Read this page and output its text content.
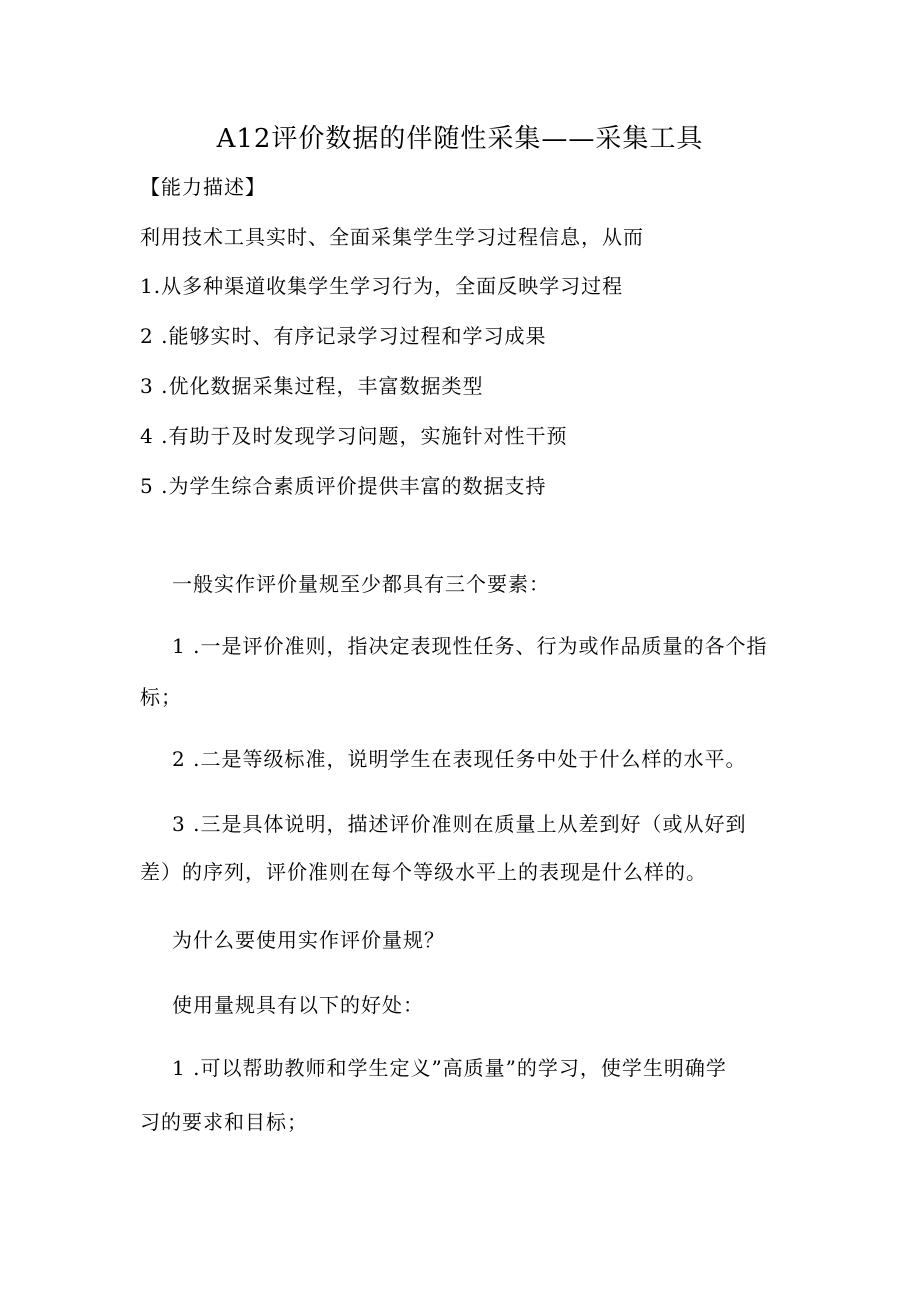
A12评价数据的伴随性采集——采集工具
【能力描述】
利用技术工具实时、全面采集学生学习过程信息，从而
1.从多种渠道收集学生学习行为，全面反映学习过程
2 .能够实时、有序记录学习过程和学习成果
3 .优化数据采集过程，丰富数据类型
4 .有助于及时发现学习问题，实施针对性干预
5 .为学生综合素质评价提供丰富的数据支持
一般实作评价量规至少都具有三个要素：
1 .一是评价准则，指决定表现性任务、行为或作品质量的各个指
标；
2 .二是等级标准，说明学生在表现任务中处于什么样的水平。
3 .三是具体说明，描述评价准则在质量上从差到好（或从好到
差）的序列，评价准则在每个等级水平上的表现是什么样的。
为什么要使用实作评价量规？
使用量规具有以下的好处：
1 .可以帮助教师和学生定义”高质量”的学习，使学生明确学
习的要求和目标；
